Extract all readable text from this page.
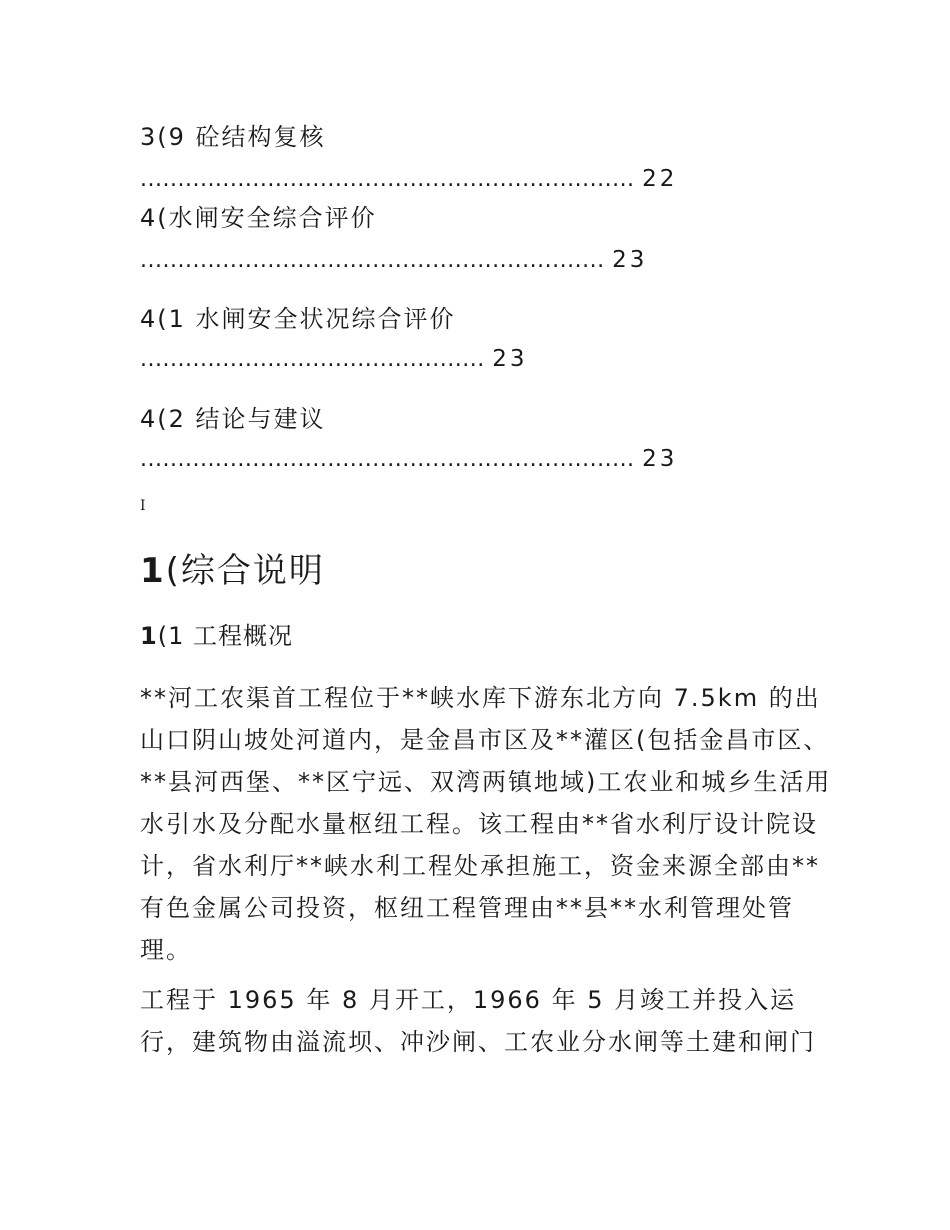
3(9 砼结构复核
.................................................................. 22
4(水闸安全综合评价
.............................................................. 23
4(1 水闸安全状况综合评价
.............................................. 23
4(2 结论与建议
.................................................................. 23
I
1(综合说明
1(1 工程概况
**河工农渠首工程位于**峡水库下游东北方向 7.5km 的出山口阴山坡处河道内，是金昌市区及**灌区(包括金昌市区、**县河西堡、**区宁远、双湾两镇地域)工农业和城乡生活用水引水及分配水量枢纽工程。该工程由**省水利厅设计院设计，省水利厅**峡水利工程处承担施工，资金来源全部由**有色金属公司投资，枢纽工程管理由**县**水利管理处管理。
工程于 1965 年 8 月开工，1966 年 5 月竣工并投入运行，建筑物由溢流坝、冲沙闸、工农业分水闸等土建和闸门
